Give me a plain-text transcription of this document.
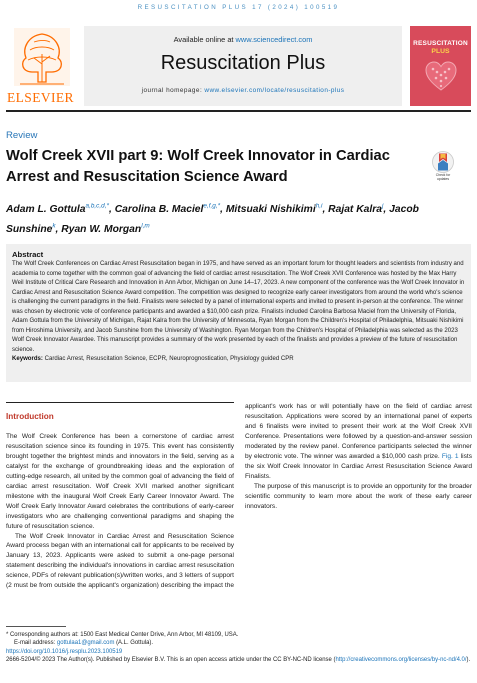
RESUSCITATION PLUS 17 (2024) 100519
ELSEVIER
Available online at www.sciencedirect.com
Resuscitation Plus
journal homepage: www.elsevier.com/locate/resuscitation-plus
RESUSCITATION
PLUS
Review
Wolf Creek XVII part 9: Wolf Creek Innovator in Cardiac Arrest and Resuscitation Science Award	Check for
updates
Adam L. Gottula$^{a,b,c,d,*}$, Carolina B. Maciel$^{e,f,g,*}$, Mitsuaki Nishikimi$^{h,i}$, Rajat Kalra$^j$, Jacob Sunshine$^k$, Ryan W. Morgan$^{l,m}$
Abstract
The Wolf Creek Conferences on Cardiac Arrest Resuscitation began in 1975, and have served as an important forum for thought leaders and scientists from industry and academia to come together with the common goal of advancing the field of cardiac arrest resuscitation. The Wolf Creek XVII Conference was hosted by the Max Harry Weil Institute of Critical Care Research and Innovation in Ann Arbor, Michigan on June 14–17, 2023. A new component of the conference was the Wolf Creek Innovator in Cardiac Arrest and Resuscitation Science Award competition. The competition was designed to recognize early career investigators from around the world who's science is challenging the current paradigms in the field. Finalists were selected by a panel of international experts and invited to present in-person at the conference. The winner was chosen by electronic vote of conference participants and awarded a $10,000 cash prize. Finalists included Carolina Barbosa Maciel from the University of Florida, Adam Gottula from the University of Michigan, Rajat Kalra from the University of Minnesota, Ryan Morgan from the Children's Hospital of Philadelphia, Mitsuaki Nishikimi from Hiroshima University, and Jacob Sunshine from the University of Washington. Ryan Morgan from the Children's Hospital of Philadelphia was selected as the 2023 Wolf Creek Innovator Awardee. This manuscript provides a summary of the work presented by each of the finalists and provides a preview of the future of resuscitation science.
Keywords: Cardiac Arrest, Resuscitation Science, ECPR, Neuroprognostication, Physiology guided CPR
Introduction
The Wolf Creek Conference has been a cornerstone of cardiac arrest resuscitation science since its founding in 1975. This event has consistently brought together the brightest minds and innovators in the field, serving as a catalyst for the exchange of groundbreaking ideas and the exploration of cutting-edge research, all united by the common goal of advancing the field of cardiac arrest resuscitation. Wolf Creek XVII marked another significant milestone with the inaugural Wolf Creek Early Career Innovator Award. The Wolf Creek Early Innovator Award celebrates the contributions of early-career investigators who are challenging conventional paradigms and shaping the future of resuscitation science.
The Wolf Creek Innovator in Cardiac Arrest and Resuscitation Science Award process began with an international call for applicants to be received by January 13, 2023. Applicants were asked to submit a one-page personal statement describing the individual's innovations in cardiac arrest resuscitation science, PDFs of relevant publication(s)/written works, and 3 letters of support (2 must be from outside the applicant's organization) describing the impact the
applicant's work has or will potentially have on the field of cardiac arrest resuscitation. Applications were scored by an international panel of experts and 6 finalists were invited to present their work at the Wolf Creek XVII Conference. Presentations were followed by a question-and-answer session moderated by the review panel. Conference participants selected the winner by electronic vote. The winner was awarded a $10,000 cash prize. Fig. 1 lists the six Wolf Creek Innovator In Cardiac Arrest Resuscitation Science Award Finalists.
The purpose of this manuscript is to provide an opportunity for the broader scientific community to learn more about the work of these early career innovators.
* Corresponding authors at: 1500 East Medical Center Drive, Ann Arbor, MI 48109, USA.
E-mail address: gottulaa1@gmail.com (A.L. Gottula).
https://doi.org/10.1016/j.resplu.2023.100519
2666-5204/© 2023 The Author(s). Published by Elsevier B.V. This is an open access article under the CC BY-NC-ND license (http://creativecommons.org/licenses/by-nc-nd/4.0/).
